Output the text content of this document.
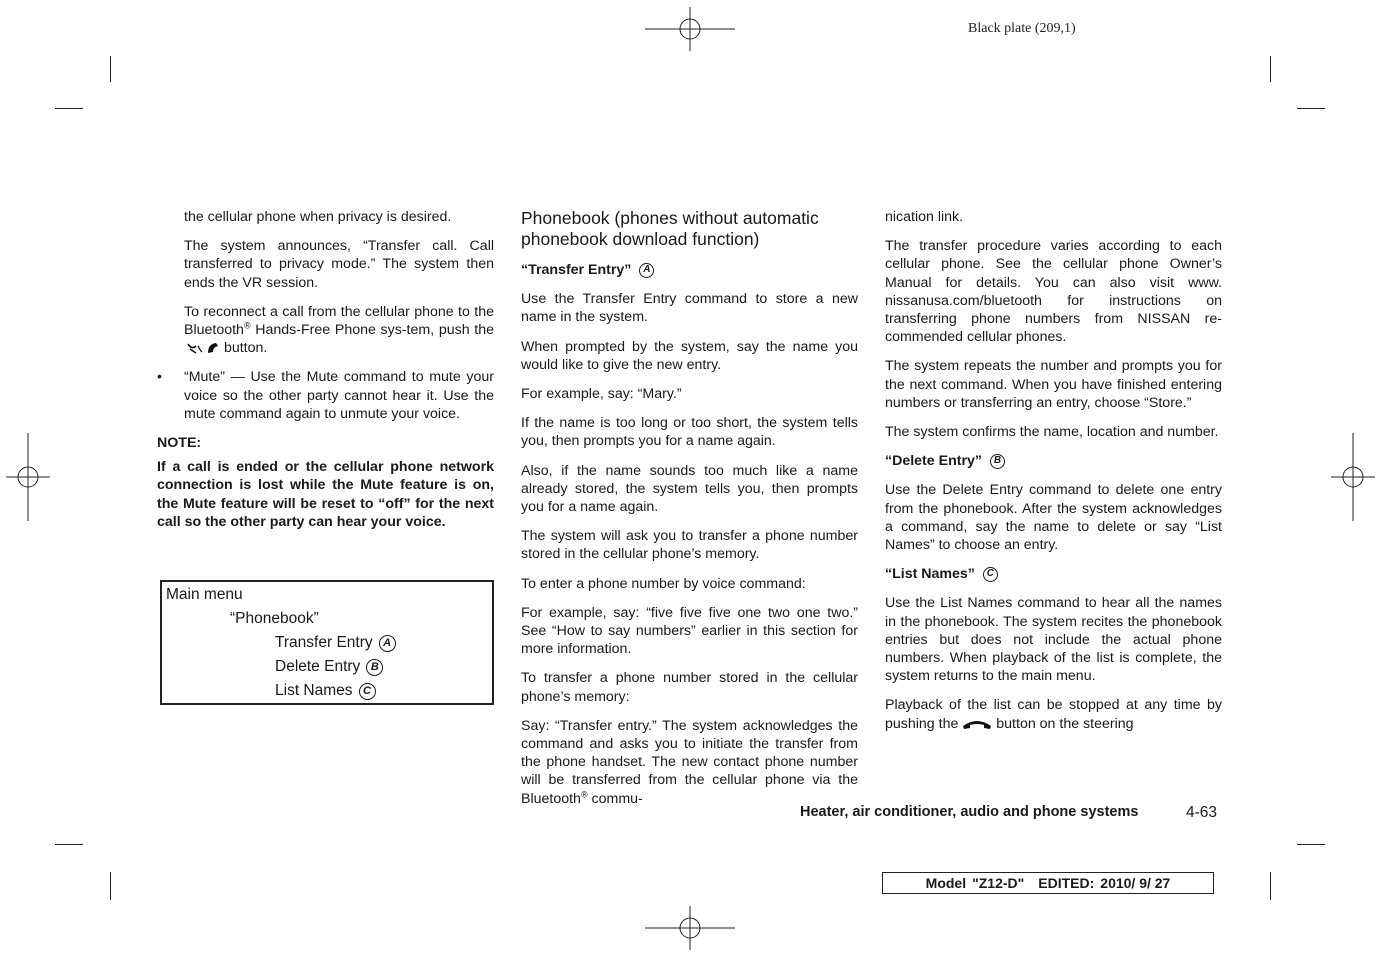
Black plate (209,1)

the cellular phone when privacy is desired.

The system announces, “Transfer call. Call transferred to privacy mode.” The system then ends the VR session.

To reconnect a call from the cellular phone to the Bluetooth® Hands-Free Phone sys-tem, push the  button.

• “Mute” — Use the Mute command to mute your voice so the other party cannot hear it. Use the mute command again to unmute your voice.

NOTE:

If a call is ended or the cellular phone network connection is lost while the Mute feature is on, the Mute feature will be reset to “off” for the next call so the other party can hear your voice.

Main menu
“Phonebook”
Transfer Entry A
Delete Entry B
List Names C

Phonebook (phones without automatic phonebook download function)

“Transfer Entry”	A

Use the Transfer Entry command to store a new name in the system.

When prompted by the system, say the name you would like to give the new entry.

For example, say: “Mary.”

If the name is too long or too short, the system tells you, then prompts you for a name again.

Also, if the name sounds too much like a name already stored, the system tells you, then prompts you for a name again.

The system will ask you to transfer a phone number stored in the cellular phone’s memory.

To enter a phone number by voice command:

For example, say: “five five five one two one two.” See “How to say numbers” earlier in this section for more information.

To transfer a phone number stored in the cellular phone’s memory:

Say: “Transfer entry.” The system acknowledges the command and asks you to initiate the transfer from the phone handset. The new contact phone number will be transferred from the cellular phone via the Bluetooth® commu-

nication link.

The transfer procedure varies according to each cellular phone. See the cellular phone Owner’s Manual for details. You can also visit www. nissanusa.com/bluetooth for instructions on transferring phone numbers from NISSAN re-commended cellular phones.

The system repeats the number and prompts you for the next command. When you have finished entering numbers or transferring an entry, choose “Store.”

The system confirms the name, location and number.

“Delete Entry”	B

Use the Delete Entry command to delete one entry from the phonebook. After the system acknowledges a command, say the name to delete or say “List Names” to choose an entry.

“List Names”	C

Use the List Names command to hear all the names in the phonebook. The system recites the phonebook entries but does not include the actual phone numbers. When playback of the list is complete, the system returns to the main menu.

Playback of the list can be stopped at any time by pushing the	button on the steering

Heater, air conditioner, audio and phone systems	4-63
Model "Z12-D" EDITED: 2010/ 9/ 27
